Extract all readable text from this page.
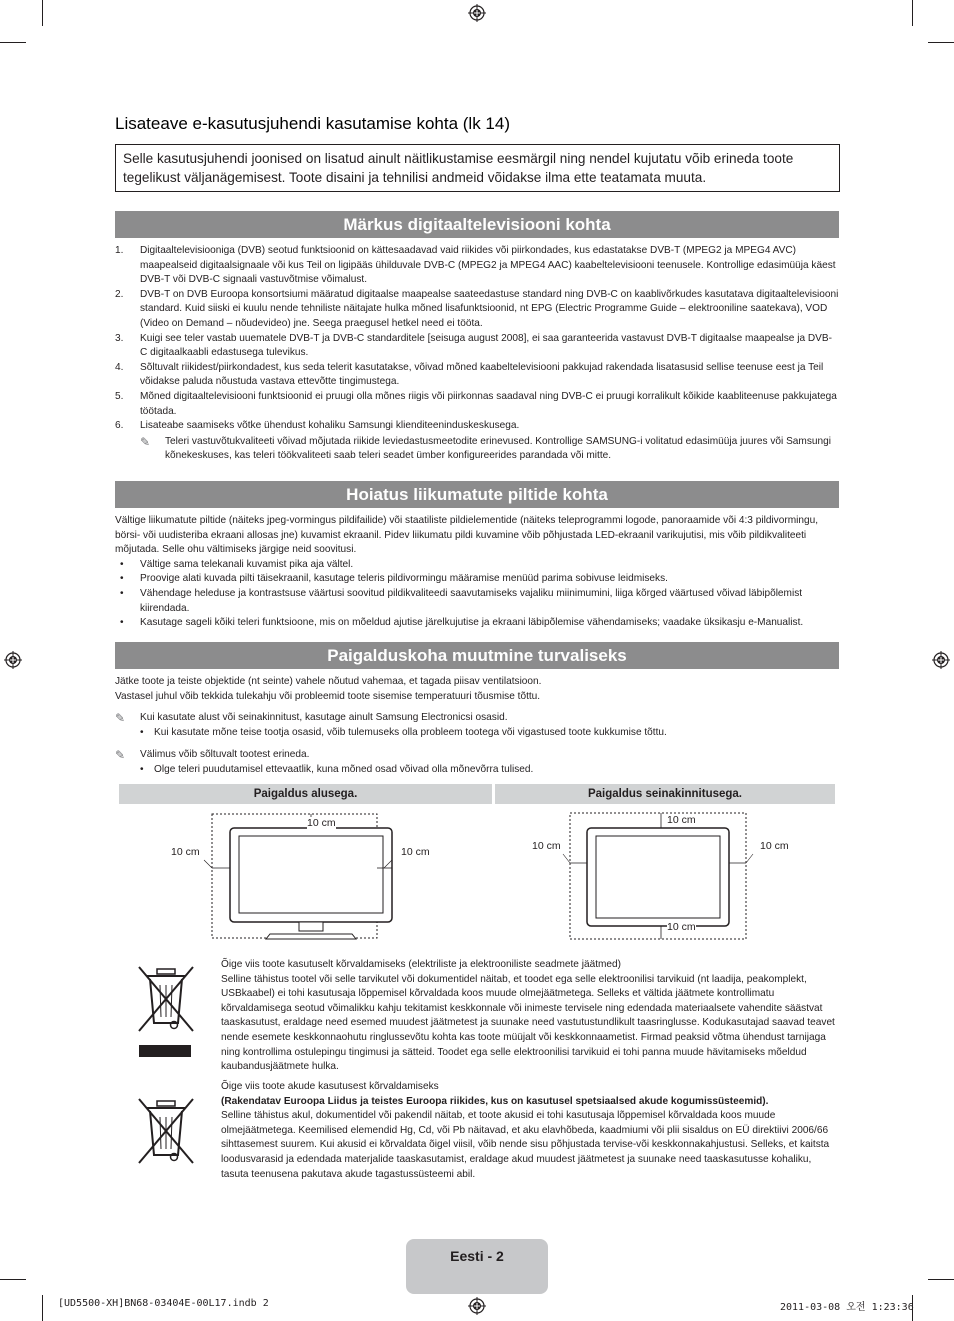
Lisateave e-kasutusjuhendi kasutamise kohta (lk 14)
Selle kasutusjuhendi joonised on lisatud ainult näitlikustamise eesmärgil ning nendel kujutatu võib erineda toote tegelikust väljanägemisest. Toote disaini ja tehnilisi andmeid võidakse ilma ette teatamata muuta.
Märkus digitaaltelevisiooni kohta
1.	Digitaaltelevisiooniga (DVB) seotud funktsioonid on kättesaadavad vaid riikides või piirkondades, kus edastatakse DVB-T (MPEG2 ja MPEG4 AVC) maapealseid digitaalsignaale või kus Teil on ligipääs ühilduvale DVB-C (MPEG2 ja MPEG4 AAC) kaabeltelevisiooni teenusele. Kontrollige edasimüüja käest DVB-T või DVB-C signaali vastuvõtmise võimalust.
2.	DVB-T on DVB Euroopa konsortsiumi määratud digitaalse maapealse saateedastuse standard ning DVB-C on kaablivõrkudes kasutatava digitaaltelevisiooni standard. Kuid siiski ei kuulu nende tehniliste näitajate hulka mõned lisafunktsioonid, nt EPG (Electric Programme Guide – elektrooniline saatekava), VOD (Video on Demand – nõudevideo) jne. Seega praegusel hetkel need ei tööta.
3.	Kuigi see teler vastab uuematele DVB-T ja DVB-C standarditele [seisuga august 2008], ei saa garanteerida vastavust DVB-T digitaalse maapealse ja DVB-C digitaalkaabli edastusega tulevikus.
4.	Sõltuvalt riikidest/piirkondadest, kus seda telerit kasutatakse, võivad mõned kaabeltelevisiooni pakkujad rakendada lisatasusid sellise teenuse eest ja Teil võidakse paluda nõustuda vastava ettevõtte tingimustega.
5.	Mõned digitaaltelevisiooni funktsioonid ei pruugi olla mõnes riigis või piirkonnas saadaval ning DVB-C ei pruugi korralikult kõikide kaabliteenuse pakkujatega töötada.
6.	Lisateabe saamiseks võtke ühendust kohaliku Samsungi klienditeeninduskeskusega.
✎	Teleri vastuvõtukvaliteeti võivad mõjutada riikide leviedastusmeetodite erinevused. Kontrollige SAMSUNG-i volitatud edasimüüja juures või Samsungi kõnekeskuses, kas teleri töökvaliteeti saab teleri seadet ümber konfigureerides parandada või mitte.
Hoiatus liikumatute piltide kohta
Vältige liikumatute piltide (näiteks jpeg-vormingus pildifailide) või staatiliste pildielementide (näiteks teleprogrammi logode, panoraamide või 4:3 pildivormingu, börsi- või uudisteriba ekraani allosas jne) kuvamist ekraanil. Pidev liikumatu pildi kuvamine võib põhjustada LED-ekraanil varikujutisi, mis võib pildikvaliteeti mõjutada. Selle ohu vältimiseks järgige neid soovitusi.
•	Vältige sama telekanali kuvamist pika aja vältel.
•	Proovige alati kuvada pilti täisekraanil, kasutage teleris pildivormingu määramise menüüd parima sobivuse leidmiseks.
•	Vähendage heleduse ja kontrastsuse väärtusi soovitud pildikvaliteedi saavutamiseks vajaliku miinimumini, liiga kõrged väärtused võivad läbipõlemist kiirendada.
•	Kasutage sageli kõiki teleri funktsioone, mis on mõeldud ajutise järelkujutise ja ekraani läbipõlemise vähendamiseks; vaadake üksikasju e-Manualist.
Paigalduskoha muutmine turvaliseks
Jätke toote ja teiste objektide (nt seinte) vahele nõutud vahemaa, et tagada piisav ventilatsioon.
Vastasel juhul võib tekkida tulekahju või probleemid toote sisemise temperatuuri tõusmise tõttu.
✎	Kui kasutate alust või seinakinnitust, kasutage ainult Samsung Electronicsi osasid.
•	Kui kasutate mõne teise tootja osasid, võib tulemuseks olla probleem tootega või vigastused toote kukkumise tõttu.
✎	Välimus võib sõltuvalt tootest erineda.
•	Olge teleri puudutamisel ettevaatlik, kuna mõned osad võivad olla mõnevõrra tulised.
Paigaldus alusega.	Paigaldus seinakinnitusega.
10 cm
10 cm	10 cm
10 cm
10 cm	10 cm
10 cm
Õige viis toote kasutuselt kõrvaldamiseks (elektriliste ja elektrooniliste seadmete jäätmed)
Selline tähistus tootel või selle tarvikutel või dokumentidel näitab, et toodet ega selle elektroonilisi tarvikuid (nt laadija, peakomplekt, USBkaabel) ei tohi kasutusaja lõppemisel kõrvaldada koos muude olmejäätmetega. Selleks et vältida jäätmete kontrollimatu kõrvaldamisega seotud võimalikku kahju tekitamist keskkonnale või inimeste tervisele ning edendada materiaalsete vahendite säästvat taaskasutust, eraldage need esemed muudest jäätmetest ja suunake need vastutustundlikult taasringlusse. Kodukasutajad saavad teavet nende esemete keskkonnaohutu ringlussevõtu kohta kas toote müüjalt või keskkonnaametist. Firmad peaksid võtma ühendust tarnijaga ning kontrollima ostulepingu tingimusi ja sätteid. Toodet ega selle elektroonilisi tarvikuid ei tohi panna muude hävitamiseks mõeldud kaubandusjäätmete hulka.
Õige viis toote akude kasutusest kõrvaldamiseks
(Rakendatav Euroopa Liidus ja teistes Euroopa riikides, kus on kasutusel spetsiaalsed akude kogumissüsteemid).
Selline tähistus akul, dokumentidel või pakendil näitab, et toote akusid ei tohi kasutusaja lõppemisel kõrvaldada koos muude olmejäätmetega. Keemilised elemendid Hg, Cd, või Pb näitavad, et aku elavhõbeda, kaadmiumi või plii sisaldus on EÜ direktiivi 2006/66 sihttasemest suurem. Kui akusid ei kõrvaldata õigel viisil, võib nende sisu põhjustada tervise-või keskkonnakahjustusi. Selleks, et kaitsta loodusvarasid ja edendada materjalide taaskasutamist, eraldage akud muudest jäätmetest ja suunake need taaskasutusse kohaliku, tasuta teenusena pakutava akude tagastussüsteemi abil.
Eesti - 2
[UD5500-XH]BN68-03404E-00L17.indb 2	2011-03-08 오전 1:23:36
